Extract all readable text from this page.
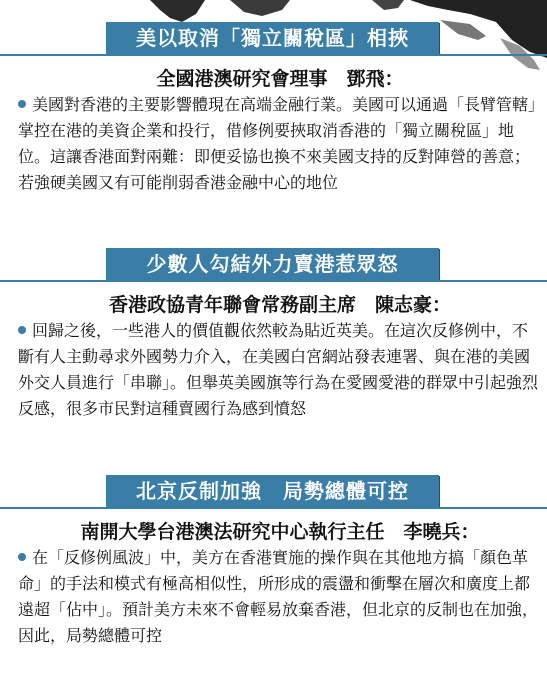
美以取消「獨立關稅區」相挾
全國港澳研究會理事　鄧飛：
美國對香港的主要影響體現在高端金融行業。美國可以通過「長臂管轄」掌控在港的美資企業和投行，借修例要挾取消香港的「獨立關稅區」地位。這讓香港面對兩難：即便妥協也換不來美國支持的反對陣營的善意；若強硬美國又有可能削弱香港金融中心的地位
少數人勾結外力賣港惹眾怒
香港政協青年聯會常務副主席　陳志豪：
回歸之後，一些港人的價值觀依然較為貼近英美。在這次反修例中，不斷有人主動尋求外國勢力介入，在美國白宮網站發表連署、與在港的美國外交人員進行「串聯」。但舉英美國旗等行為在愛國愛港的群眾中引起強烈反感，很多市民對這種賣國行為感到憤怒
北京反制加強　局勢總體可控
南開大學台港澳法研究中心執行主任　李曉兵：
在「反修例風波」中，美方在香港實施的操作與在其他地方搞「顏色革命」的手法和模式有極高相似性，所形成的震盪和衝擊在層次和廣度上都遠超「佔中」。預計美方未來不會輕易放棄香港，但北京的反制也在加強，因此，局勢總體可控
